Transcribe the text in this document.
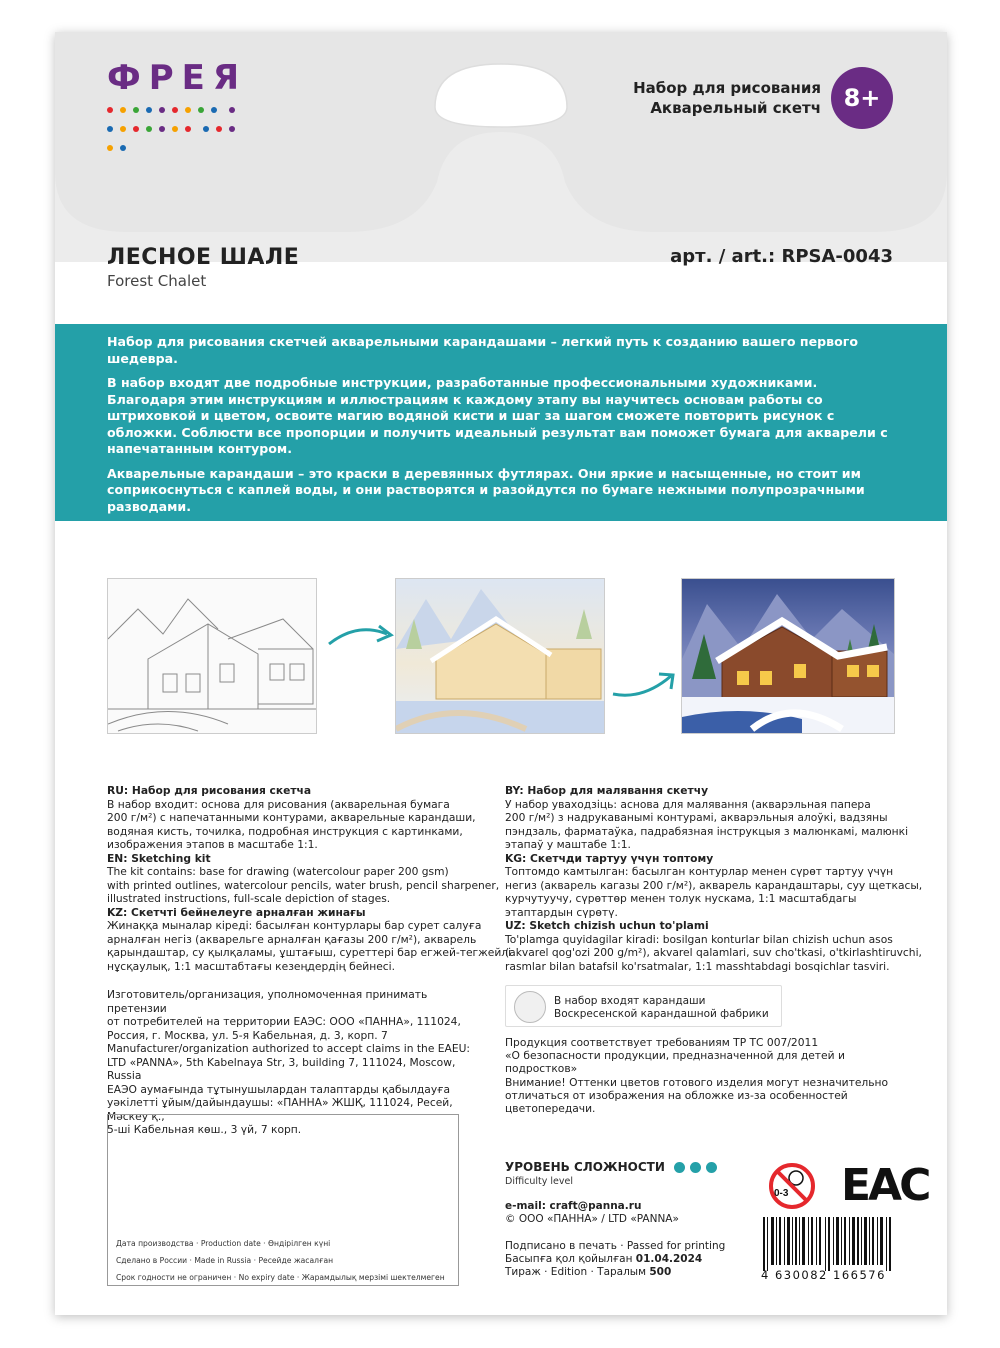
ФРЕЯ
	Набор для рисования
Акварельный скетч 8+
ЛЕСНОЕ ШАЛЕ
Forest Chalet
арт. / art.: RPSA-0043

Набор для рисования скетчей акварельными карандашами – легкий путь к созданию вашего первого шедевра.

В набор входят две подробные инструкции, разработанные профессиональными художниками. Благодаря этим инструкциям и иллюстрациям к каждому этапу вы научитесь основам работы со штриховкой и цветом, освоите магию водяной кисти и шаг за шагом сможете повторить рисунок с обложки. Соблюсти все пропорции и получить идеальный результат вам поможет бумага для акварели с напечатанным контуром.

Акварельные карандаши – это краски в деревянных футлярах. Они яркие и насыщенные, но стоит им соприкоснуться с каплей воды, и они растворятся и разойдутся по бумаге нежными полупрозрачными разводами.

Выясните, на что способен акварельный карандаш, и насладитесь удивительными переходами цвета!

RU: Набор для рисования скетча

В набор входит: основа для рисования (акварельная бумага

200 г/м²) с напечатанными контурами, акварельные карандаши,

водяная кисть, точилка, подробная инструкция с картинками,

изображения этапов в масштабе 1:1.

EN: Sketching kit

The kit contains: base for drawing (watercolour paper 200 gsm)

with printed outlines, watercolour pencils, water brush, pencil sharpener,

illustrated instructions, full-scale depiction of stages.

KZ: Скетчті бейнелеуге арналған жинағы

Жинаққа мыналар кіреді: басылған контурлары бар сурет салуға

арналған негіз (акварельге арналған қағазы 200 г/м²), акварель

қарындаштар, су қылқаламы, ұштағыш, суреттері бар егжей-тегжейлі

нұсқаулық, 1:1 масштабтағы кезеңдердің бейнесі.

BY: Набор для малявання скетчу

У набор уваходзіць: аснова для малявання (акварэльная папера

200 г/м²) з надрукаванымі контурамі, акварэльныя алоўкі, вадзяны

пэндзаль, фарматаўка, падрабязная інструкцыя з малюнкамі, малюнкі

этапаў у маштабе 1:1.

KG: Скетчди тартуу үчүн топтому

Топтомдо камтылган: басылган контурлар менен сүрөт тартуу үчүн

негиз (акварель кагазы 200 г/м²), акварель карандаштары, суу щеткасы,

курчутуучу, сүрөттөр менен толук нускама, 1:1 масштабдагы

этаптардын сүрөтү.

UZ: Sketch chizish uchun to'plami

To'plamga quyidagilar kiradi: bosilgan konturlar bilan chizish uchun asos

(akvarel qog'ozi 200 g/m²), akvarel qalamlari, suv cho'tkasi, o'tkirlashtiruvchi,

rasmlar bilan batafsil ko'rsatmalar, 1:1 masshtabdagi bosqichlar tasviri.

Изготовитель/организация, уполномоченная принимать претензии
от потребителей на территории ЕАЭС: ООО «ПАННА», 111024,
Россия, г. Москва, ул. 5-я Кабельная, д. 3, корп. 7
Manufacturer/organization authorized to accept claims in the EAEU:
LTD «PANNA», 5th Kabelnaya Str, 3, building 7, 111024, Moscow, Russia
ЕАЭО аумағында тұтынушылардан талаптарды қабылдауға
уәкілетті ұйым/дайындаушы: «ПАННА» ЖШҚ, 111024, Ресей, Мәскеу қ.,
5-ші Кабельная көш., 3 үй, 7 корп.
Дата производства · Production date · Өндірілген күні
Сделано в России · Made in Russia · Ресейде жасалған
Срок годности не ограничен · No expiry date · Жарамдылық мерзімі шектелмеген
В набор входят карандаши
Воскресенской карандашной фабрики
Продукция соответствует требованиям ТР ТС 007/2011
«О безопасности продукции, предназначенной для детей и подростков»
Внимание! Оттенки цветов готового изделия могут незначительно
отличаться от изображения на обложке из-за особенностей
цветопередачи.
УРОВЕНЬ СЛОЖНОСТИ
Difficulty level
e-mail: craft@panna.ru
© ООО «ПАННА» / LTD «PANNA»
Подписано в печать · Passed for printing
Басыпға қол қойылған 01.04.2024
Тираж · Edition · Таралым 500
0-3 EAC
4 630082 166576
